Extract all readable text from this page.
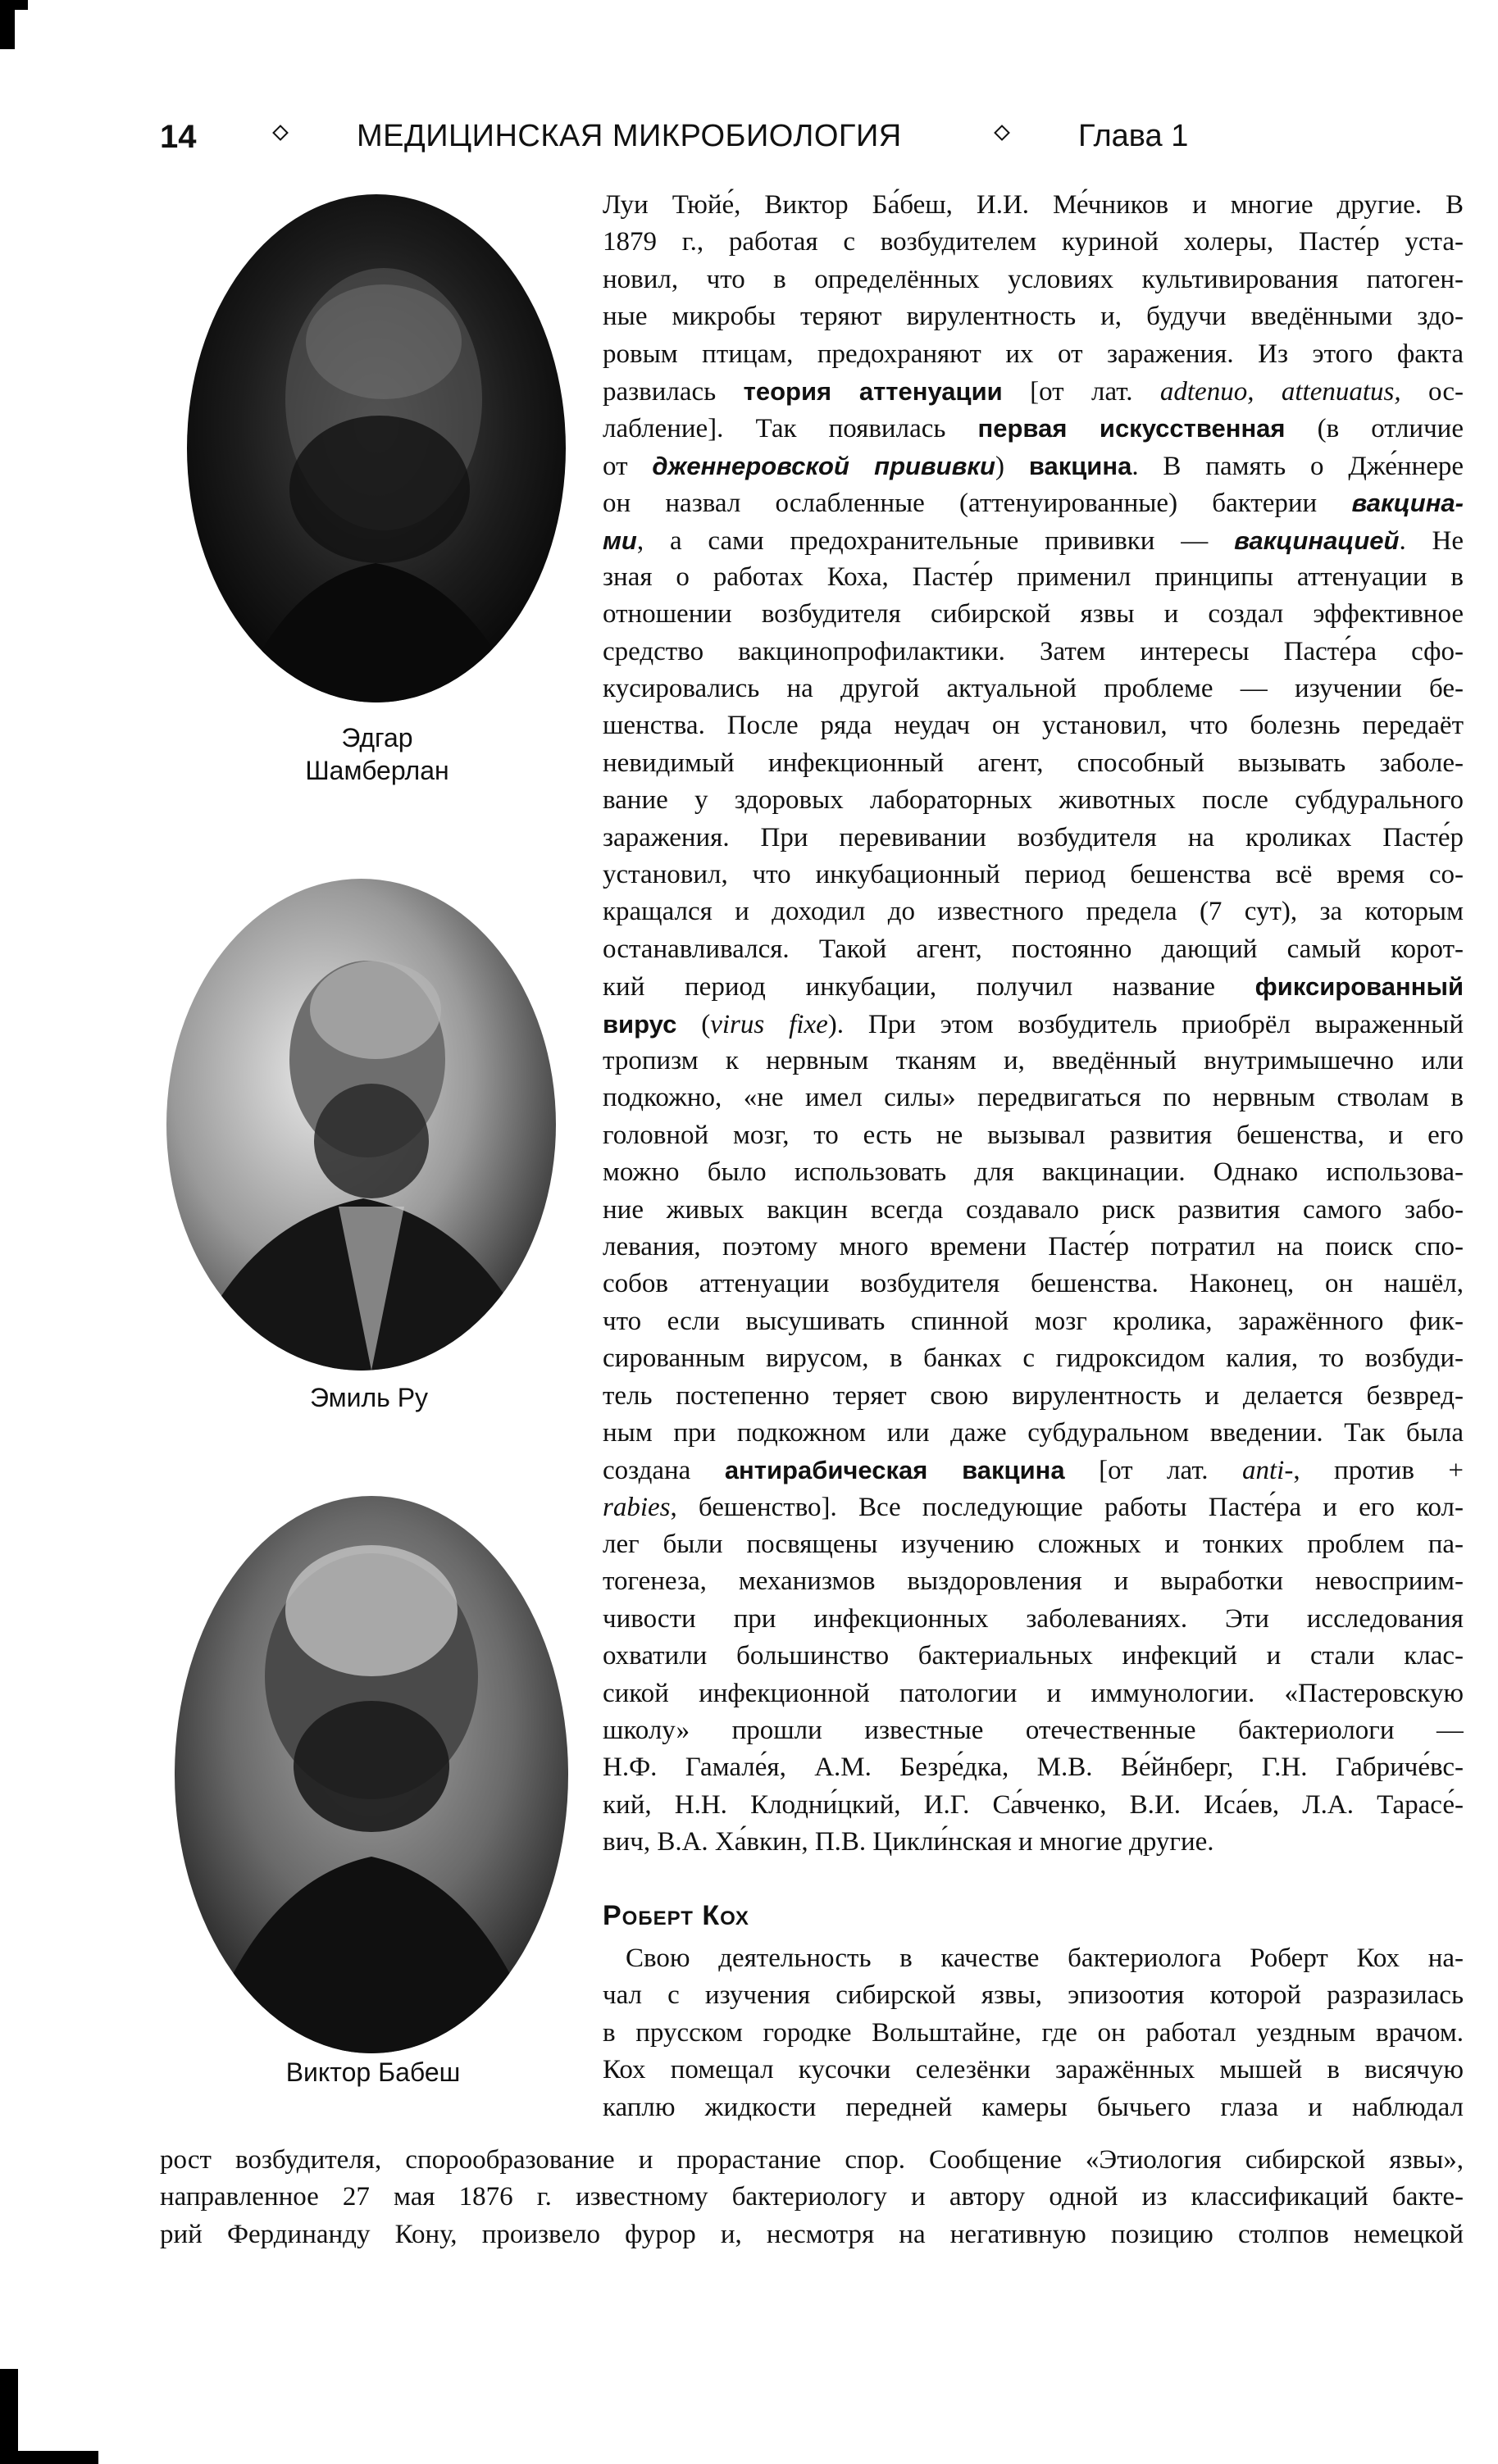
14	МЕДИЦИНСКАЯ МИКРОБИОЛОГИЯ	Глава 1
Эдгар
Шамберлан
Эмиль Ру
Виктор Бабеш
Луи Тюйе́, Виктор Ба́беш, И.И. Ме́чников и многие другие. В
1879 г., работая с возбудителем куриной холеры, Пасте́р уста-
новил, что в определённых условиях культивирования патоген-
ные микробы теряют вирулентность и, будучи введёнными здо-
ровым птицам, предохраняют их от заражения. Из этого факта
развилась теория аттенуации [от лат. adtenuo, attenuatus, ос-
лабление]. Так появилась первая искусственная (в отличие
от дженнеровской прививки) вакцина. В память о Дже́ннере
он назвал ослабленные (аттенуированные) бактерии вакцина-
ми, а сами предохранительные прививки — вакцинацией. Не
зная о работах Коха, Пасте́р применил принципы аттенуации в
отношении возбудителя сибирской язвы и создал эффективное
средство вакцинопрофилактики. Затем интересы Пасте́ра сфо-
кусировались на другой актуальной проблеме — изучении бе-
шенства. После ряда неудач он установил, что болезнь передаёт
невидимый инфекционный агент, способный вызывать заболе-
вание у здоровых лабораторных животных после субдурального
заражения. При перевивании возбудителя на кроликах Пасте́р
установил, что инкубационный период бешенства всё время со-
кращался и доходил до известного предела (7 сут), за которым
останавливался. Такой агент, постоянно дающий самый корот-
кий период инкубации, получил название фиксированный
вирус (virus fixe). При этом возбудитель приобрёл выраженный
тропизм к нервным тканям и, введённый внутримышечно или
подкожно, «не имел силы» передвигаться по нервным стволам в
головной мозг, то есть не вызывал развития бешенства, и его
можно было использовать для вакцинации. Однако использова-
ние живых вакцин всегда создавало риск развития самого забо-
левания, поэтому много времени Пасте́р потратил на поиск спо-
собов аттенуации возбудителя бешенства. Наконец, он нашёл,
что если высушивать спинной мозг кролика, заражённого фик-
сированным вирусом, в банках с гидроксидом калия, то возбуди-
тель постепенно теряет свою вирулентность и делается безвред-
ным при подкожном или даже субдуральном введении. Так была
создана антирабическая вакцина [от лат. anti-, против +
rabies, бешенство]. Все последующие работы Пасте́ра и его кол-
лег были посвящены изучению сложных и тонких проблем па-
тогенеза, механизмов выздоровления и выработки невосприим-
чивости при инфекционных заболеваниях. Эти исследования
охватили большинство бактериальных инфекций и стали клас-
сикой инфекционной патологии и иммунологии. «Пастеровскую
школу» прошли известные отечественные бактериологи —
Н.Ф. Гамале́я, А.М. Безре́дка, М.В. Ве́йнберг, Г.Н. Габриче́вс-
кий, Н.Н. Клодни́цкий, И.Г. Са́вченко, В.И. Иса́ев, Л.А. Тарасе́-
вич, В.А. Ха́вкин, П.В. Цикли́нская и многие другие.
Роберт Кох
Свою деятельность в качестве бактериолога Роберт Кох на-
чал с изучения сибирской язвы, эпизоотия которой разразилась
в прусском городке Вольштайне, где он работал уездным врачом.
Кох помещал кусочки селезёнки заражённых мышей в висячую
каплю жидкости передней камеры бычьего глаза и наблюдал
рост возбудителя, спорообразование и прорастание спор. Сообщение «Этиология сибирской язвы»,
направленное 27 мая 1876 г. известному бактериологу и автору одной из классификаций бакте-
рий Фердинанду Кону, произвело фурор и, несмотря на негативную позицию столпов немецкой
